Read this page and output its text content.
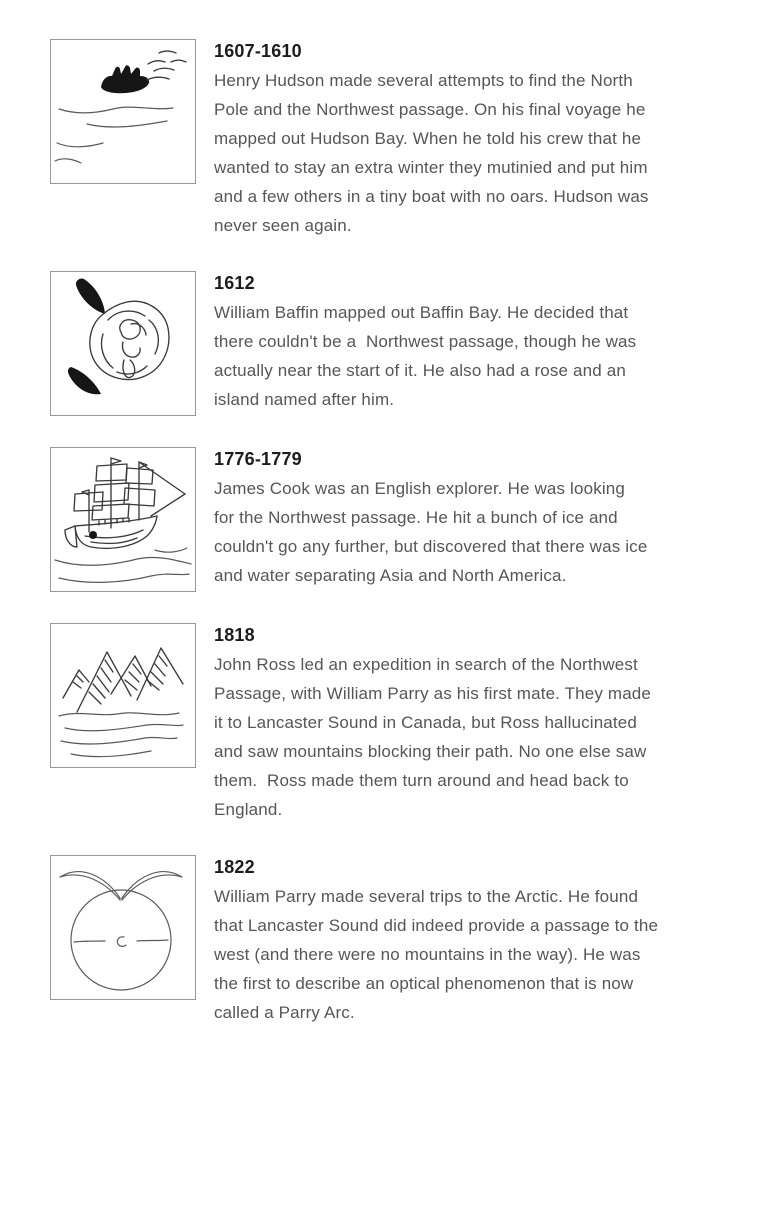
1607-1610
Henry Hudson made several attempts to find the North
Pole and the Northwest passage. On his final voyage he
mapped out Hudson Bay. When he told his crew that he
wanted to stay an extra winter they mutinied and put him
and a few others in a tiny boat with no oars. Hudson was
never seen again.
1612
William Baffin mapped out Baffin Bay. He decided that
there couldn't be a  Northwest passage, though he was
actually near the start of it. He also had a rose and an
island named after him.
1776-1779
James Cook was an English explorer. He was looking
for the Northwest passage. He hit a bunch of ice and
couldn't go any further, but discovered that there was ice
and water separating Asia and North America.
1818
John Ross led an expedition in search of the Northwest
Passage, with William Parry as his first mate. They made
it to Lancaster Sound in Canada, but Ross hallucinated
and saw mountains blocking their path. No one else saw
them.  Ross made them turn around and head back to
England.
1822
William Parry made several trips to the Arctic. He found
that Lancaster Sound did indeed provide a passage to the
west (and there were no mountains in the way). He was
the first to describe an optical phenomenon that is now
called a Parry Arc.
